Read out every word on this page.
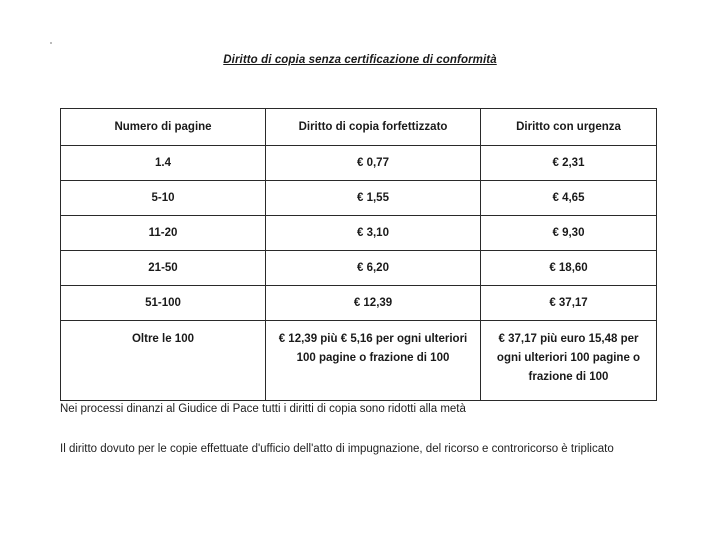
Diritto di copia senza certificazione di conformità
Numero di pagine	Diritto di copia forfettizzato	Diritto con urgenza
1.4	€ 0,77	€ 2,31
5-10	€ 1,55	€ 4,65
11-20	€ 3,10	€ 9,30
21-50	€ 6,20	€ 18,60
51-100	€ 12,39	€ 37,17
Oltre le 100	€ 12,39 più € 5,16 per ogni ulteriori 100 pagine o frazione di 100	€ 37,17 più euro 15,48 per ogni ulteriori 100 pagine o frazione di 100
Nei processi dinanzi al Giudice di Pace tutti i diritti di copia sono ridotti alla metà
Il diritto dovuto per le copie effettuate d'ufficio dell'atto di impugnazione, del ricorso e controricorso è triplicato
